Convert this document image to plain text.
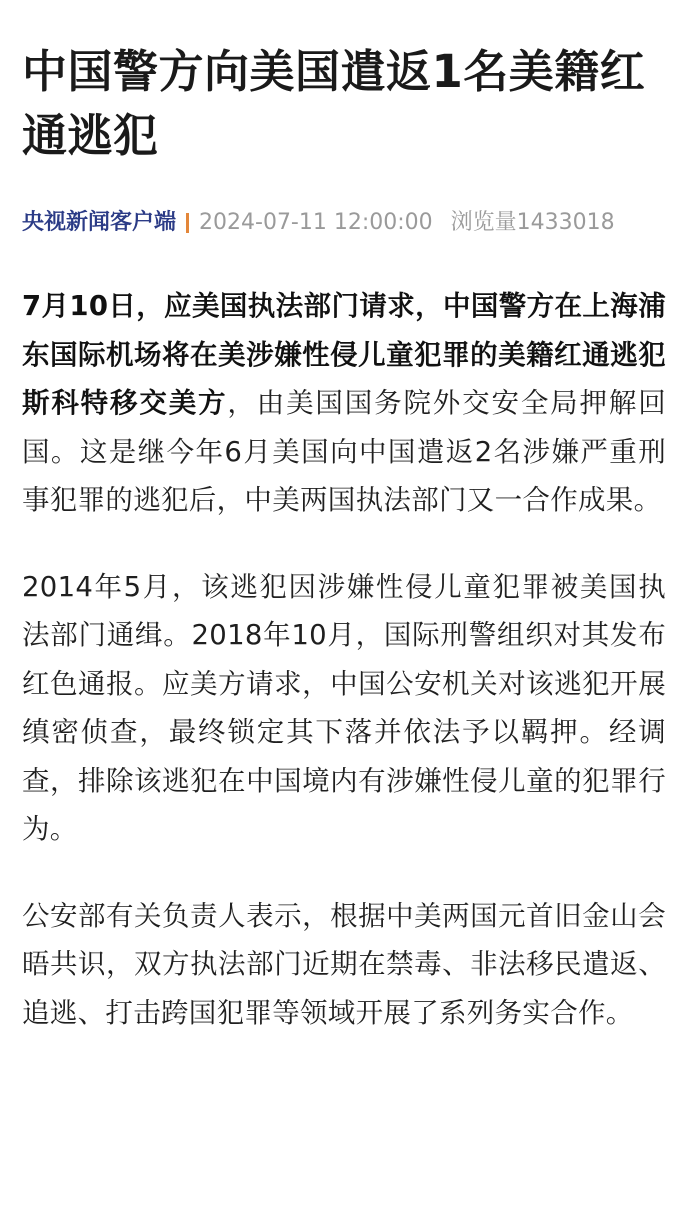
中国警方向美国遣返1名美籍红通逃犯
央视新闻客户端 2024-07-11 12:00:00 浏览量1433018

7月10日，应美国执法部门请求，中国警方在上海浦东国际机场将在美涉嫌性侵儿童犯罪的美籍红通逃犯斯科特移交美方，由美国国务院外交安全局押解回国。这是继今年6月美国向中国遣返2名涉嫌严重刑事犯罪的逃犯后，中美两国执法部门又一合作成果。

2014年5月，该逃犯因涉嫌性侵儿童犯罪被美国执法部门通缉。2018年10月，国际刑警组织对其发布红色通报。应美方请求，中国公安机关对该逃犯开展缜密侦查，最终锁定其下落并依法予以羁押。经调查，排除该逃犯在中国境内有涉嫌性侵儿童的犯罪行为。

公安部有关负责人表示，根据中美两国元首旧金山会晤共识，双方执法部门近期在禁毒、非法移民遣返、追逃、打击跨国犯罪等领域开展了系列务实合作。
